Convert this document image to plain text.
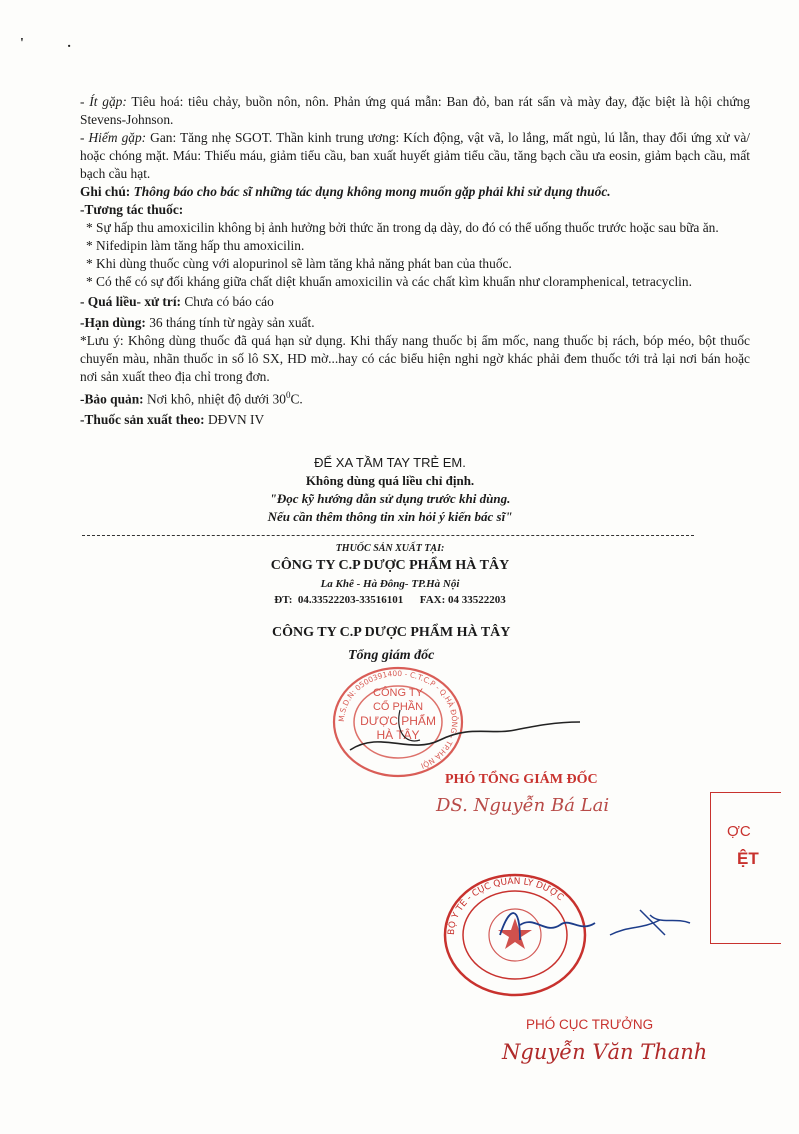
' .

- Ít gặp: Tiêu hoá: tiêu chảy, buồn nôn, nôn. Phản ứng quá mẫn: Ban đỏ, ban rát sẩn và mày đay, đặc biệt là hội chứng Stevens-Johnson.

- Hiếm gặp: Gan: Tăng nhẹ SGOT. Thần kinh trung ương: Kích động, vật vã, lo lắng, mất ngủ, lú lẫn, thay đổi ứng xử và/ hoặc chóng mặt. Máu: Thiếu máu, giảm tiểu cầu, ban xuất huyết giảm tiểu cầu, tăng bạch cầu ưa eosin, giảm bạch cầu, mất bạch cầu hạt.

Ghi chú: Thông báo cho bác sĩ những tác dụng không mong muốn gặp phải khi sử dụng thuốc.

-Tương tác thuốc:

* Sự hấp thu amoxicilin không bị ảnh hưởng bởi thức ăn trong dạ dày, do đó có thể uống thuốc trước hoặc sau bữa ăn.

* Nifedipin làm tăng hấp thu amoxicilin.

* Khi dùng thuốc cùng với alopurinol sẽ làm tăng khả năng phát ban của thuốc.

* Có thể có sự đối kháng giữa chất diệt khuẩn amoxicilin và các chất kìm khuẩn như cloramphenical, tetracyclin.

- Quá liều- xử trí: Chưa có báo cáo

-Hạn dùng: 36 tháng tính từ ngày sản xuất.

*Lưu ý: Không dùng thuốc đã quá hạn sử dụng. Khi thấy nang thuốc bị ẩm mốc, nang thuốc bị rách, bóp méo, bột thuốc chuyển màu, nhãn thuốc in số lô SX, HD mờ...hay có các biểu hiện nghi ngờ khác phải đem thuốc tới trả lại nơi bán hoặc nơi sản xuất theo địa chỉ trong đơn.

-Bảo quản: Nơi khô, nhiệt độ dưới $30^0C$.

-Thuốc sản xuất theo: DĐVN IV

ĐỂ XA TẦM TAY TRẺ EM.
Không dùng quá liều chỉ định.
"Đọc kỹ hướng dẫn sử dụng trước khi dùng.
Nếu cần thêm thông tin xin hỏi ý kiến bác sĩ"
THUỐC SẢN XUẤT TẠI:
CÔNG TY C.P DƯỢC PHẨM HÀ TÂY
La Khê - Hà Đông- TP.Hà Nội
ĐT:  04.33522203-33516101      FAX: 04 33522203
CÔNG TY C.P DƯỢC PHẨM HÀ TÂY
Tổng giám đốc
M.S.D.N: 0500391400 - C.T.C.P - Q.HÀ ĐÔNG - TP.HÀ NỘI
CÔNG TY
CỔ PHẦN
DƯỢC PHẨM
HÀ TÂY
PHÓ TỔNG GIÁM ĐỐC
DS. Nguyễn Bá Lai
ỢC
ỆT
BỘ Y TẾ - CỤC QUẢN LÝ DƯỢC
PHÓ CỤC TRƯỞNG
Nguyễn Văn Thanh
